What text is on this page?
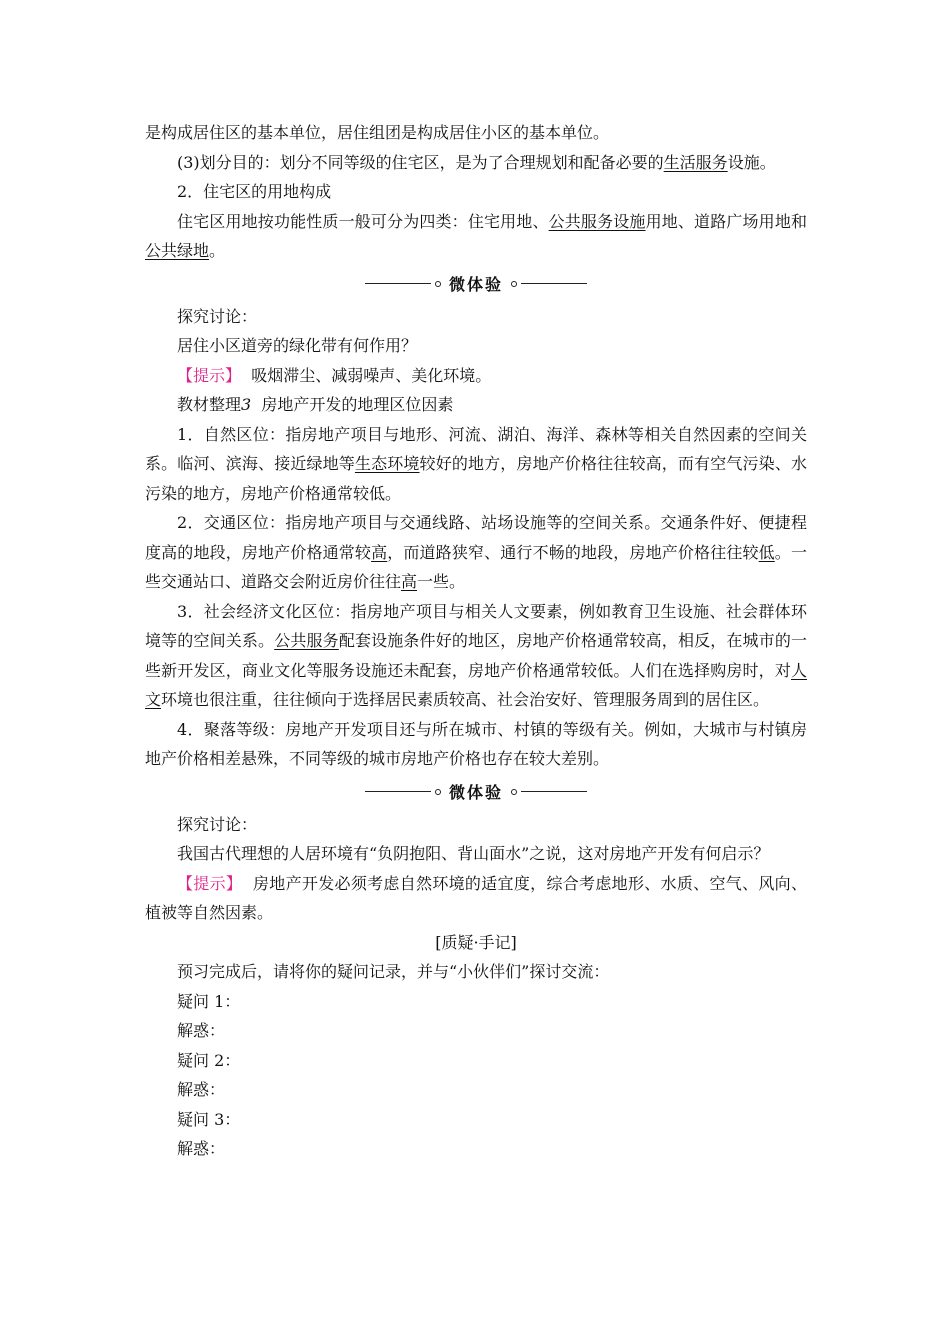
是构成居住区的基本单位，居住组团是构成居住小区的基本单位。

(3)划分目的：划分不同等级的住宅区，是为了合理规划和配备必要的生活服务设施。

2．住宅区的用地构成

住宅区用地按功能性质一般可分为四类：住宅用地、公共服务设施用地、道路广场用地和公共绿地。

微体验

探究讨论：

居住小区道旁的绿化带有何作用？

【提示】 吸烟滞尘、减弱噪声、美化环境。

教材整理3 房地产开发的地理区位因素

1．自然区位：指房地产项目与地形、河流、湖泊、海洋、森林等相关自然因素的空间关系。临河、滨海、接近绿地等生态环境较好的地方，房地产价格往往较高，而有空气污染、水污染的地方，房地产价格通常较低。

2．交通区位：指房地产项目与交通线路、站场设施等的空间关系。交通条件好、便捷程度高的地段，房地产价格通常较高，而道路狭窄、通行不畅的地段，房地产价格往往较低。一些交通站口、道路交会附近房价往往高一些。

3．社会经济文化区位：指房地产项目与相关人文要素，例如教育卫生设施、社会群体环境等的空间关系。公共服务配套设施条件好的地区，房地产价格通常较高，相反，在城市的一些新开发区，商业文化等服务设施还未配套，房地产价格通常较低。人们在选择购房时，对人文环境也很注重，往往倾向于选择居民素质较高、社会治安好、管理服务周到的居住区。

4．聚落等级：房地产开发项目还与所在城市、村镇的等级有关。例如，大城市与村镇房地产价格相差悬殊，不同等级的城市房地产价格也存在较大差别。

微体验

探究讨论：

我国古代理想的人居环境有“负阴抱阳、背山面水”之说，这对房地产开发有何启示？

【提示】 房地产开发必须考虑自然环境的适宜度，综合考虑地形、水质、空气、风向、植被等自然因素。

[质疑·手记]

预习完成后，请将你的疑问记录，并与“小伙伴们”探讨交流：

疑问 1：

解惑：

疑问 2：

解惑：

疑问 3：

解惑：
